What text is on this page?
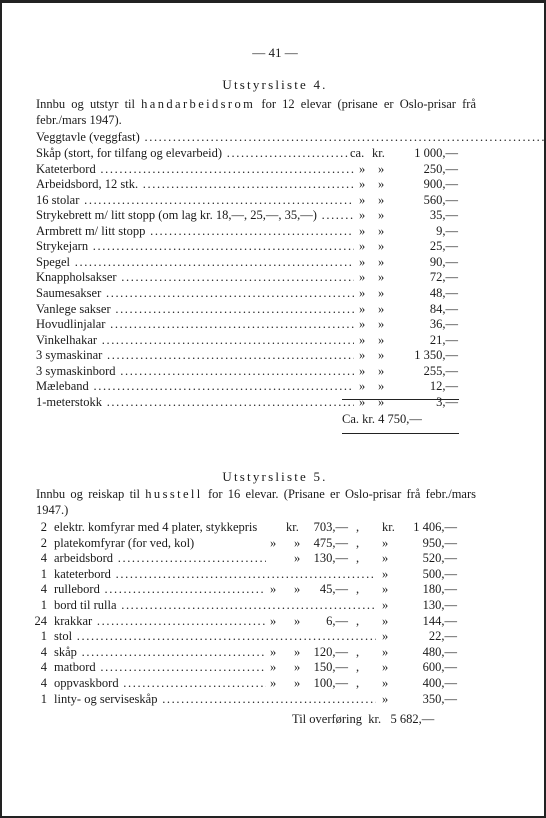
— 41 —
Utstyrsliste 4.

Innbu og utstyr til handarbeidsrom for 12 elevar (prisane er Oslo-prisar frå febr./mars 1947).

Veggtavle (veggfast) .....
Skåp (stort, for tilfang og elevarbeid) .....	ca. kr.	1 000,—
Kateterbord .....	» »	250,—
Arbeidsbord, 12 stk. .....	» »	900,—
16 stolar .....	» »	560,—
Strykebrett m/ litt stopp (om lag kr. 18,—, 25,—, 35,—) .....	» »	35,—
Armbrett m/ litt stopp .....	» »	9,—
Strykejarn .....	» »	25,—
Spegel .....	» »	90,—
Knappholsakser .....	» »	72,—
Saumesakser .....	» »	48,—
Vanlege sakser .....	» »	84,—
Hovudlinjalar .....	» »	36,—
Vinkelhakar .....	» »	21,—
3 symaskinar .....	» »	1 350,—
3 symaskinbord .....	» »	255,—
Mæleband .....	» »	12,—
1-meterstokk .....	» »	3,—
Ca. kr. 4 750,—
Utstyrsliste 5.

Innbu og reiskap til husstell for 16 elevar. (Prisane er Oslo-prisar frå febr./mars 1947.)

2 elektr. komfyrar med 4 plater, stykkepris	kr.	703,— , kr.	1 406,—
2 platekomfyrar (for ved, kol)	» »	475,— , »	950,—
4 arbeidsbord .....	»	130,— , »	520,—
1 kateterbord .....	»	500,—
4 rullebord .....	» »	45,— , »	180,—
1 bord til rulla .....	»	130,—
24 krakkar .....	» »	6,— , »	144,—
1 stol .....	»	22,—
4 skåp .....	» »	120,— , »	480,—
4 matbord .....	» »	150,— , »	600,—
4 oppvaskbord .....	» »	100,— , »	400,—
1 linty- og serviseskåp .....	»	350,—
Til overføring kr. 5 682,—
